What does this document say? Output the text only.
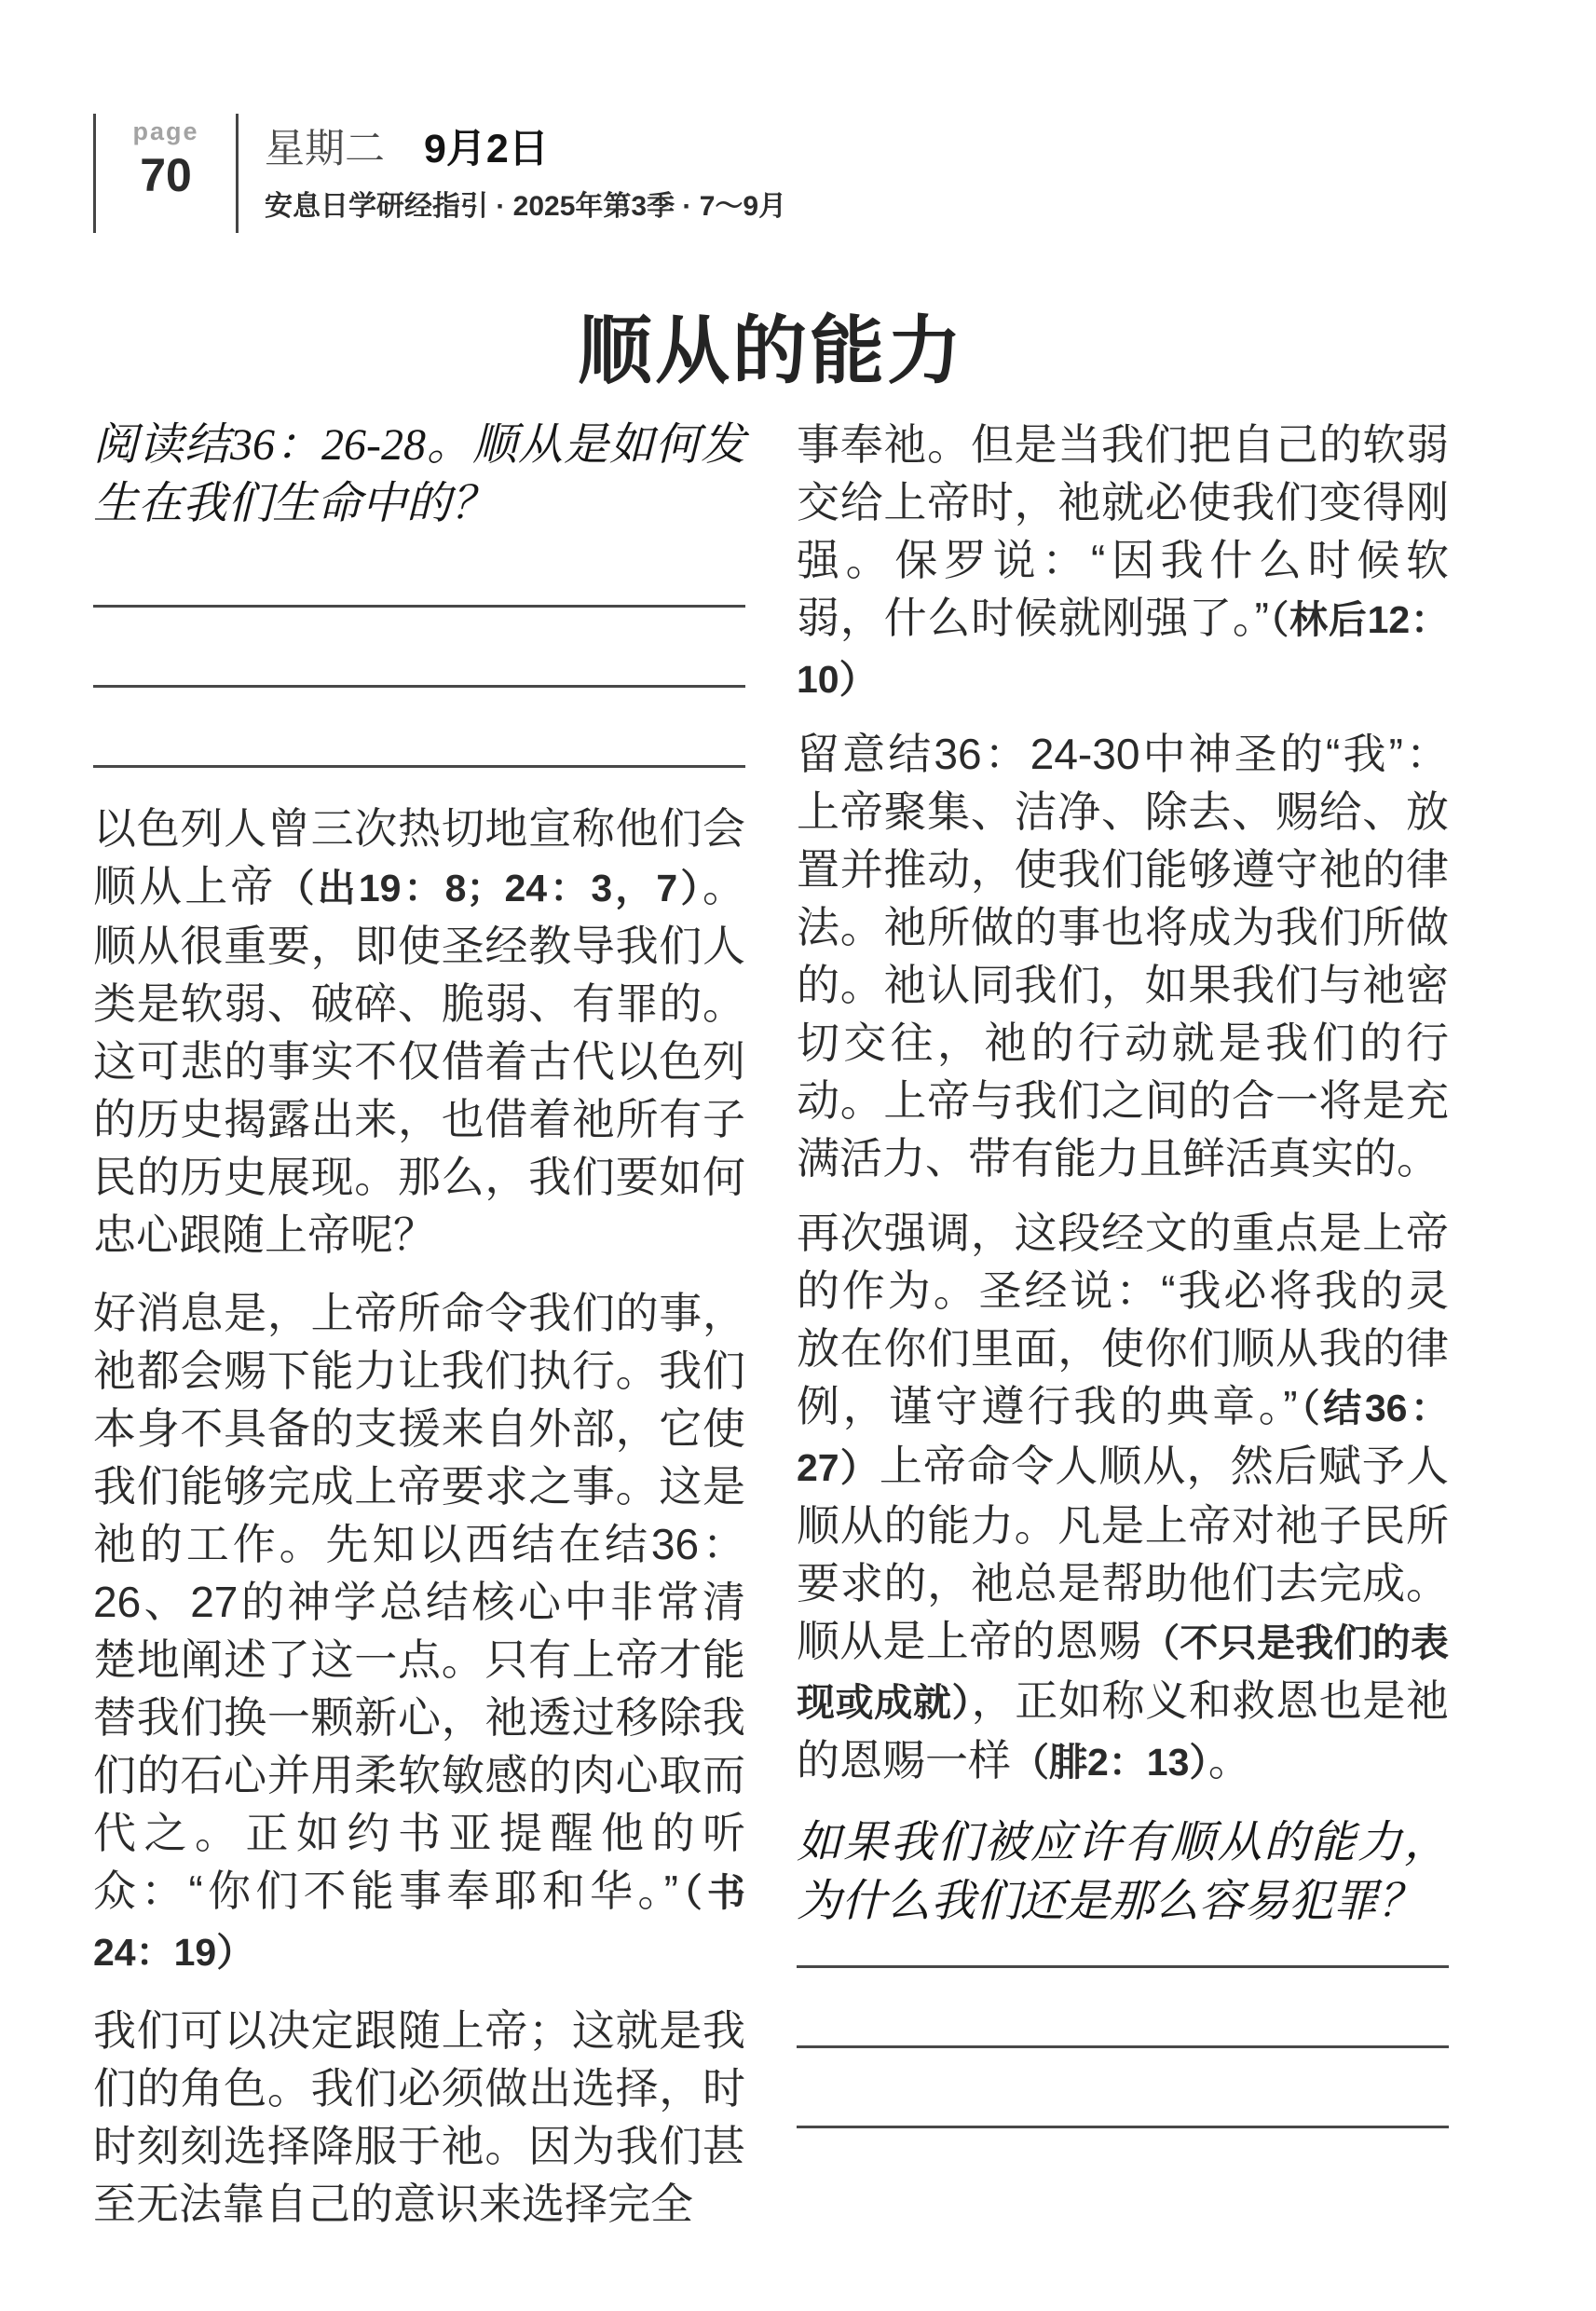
page
70	星期二 9月2日
安息日学研经指引 · 2025年第3季 · 7～9月
顺从的能力

阅读结36：26-28。顺从是如何发生在我们生命中的？

以色列人曾三次热切地宣称他们会顺从上帝（出19：8；24：3，7）。顺从很重要，即使圣经教导我们人类是软弱、破碎、脆弱、有罪的。这可悲的事实不仅借着古代以色列的历史揭露出来，也借着祂所有子民的历史展现。那么，我们要如何忠心跟随上帝呢？

好消息是，上帝所命令我们的事，祂都会赐下能力让我们执行。我们本身不具备的支援来自外部，它使我们能够完成上帝要求之事。这是祂的工作。先知以西结在结36：26、27的神学总结核心中非常清楚地阐述了这一点。只有上帝才能替我们换一颗新心，祂透过移除我们的石心并用柔软敏感的肉心取而代之。正如约书亚提醒他的听众：“你们不能事奉耶和华。”（书24：19）

我们可以决定跟随上帝；这就是我们的角色。我们必须做出选择，时时刻刻选择降服于祂。因为我们甚至无法靠自己的意识来选择完全

事奉祂。但是当我们把自己的软弱交给上帝时，祂就必使我们变得刚强。保罗说：“因我什么时候软弱，什么时候就刚强了。”（林后12：10）

留意结36：24-30中神圣的“我”：上帝聚集、洁净、除去、赐给、放置并推动，使我们能够遵守祂的律法。祂所做的事也将成为我们所做的。祂认同我们，如果我们与祂密切交往，祂的行动就是我们的行动。上帝与我们之间的合一将是充满活力、带有能力且鲜活真实的。

再次强调，这段经文的重点是上帝的作为。圣经说：“我必将我的灵放在你们里面，使你们顺从我的律例，谨守遵行我的典章。”（结36：27）上帝命令人顺从，然后赋予人顺从的能力。凡是上帝对祂子民所要求的，祂总是帮助他们去完成。顺从是上帝的恩赐（不只是我们的表现或成就），正如称义和救恩也是祂的恩赐一样（腓2：13）。

如果我们被应许有顺从的能力，为什么我们还是那么容易犯罪？
